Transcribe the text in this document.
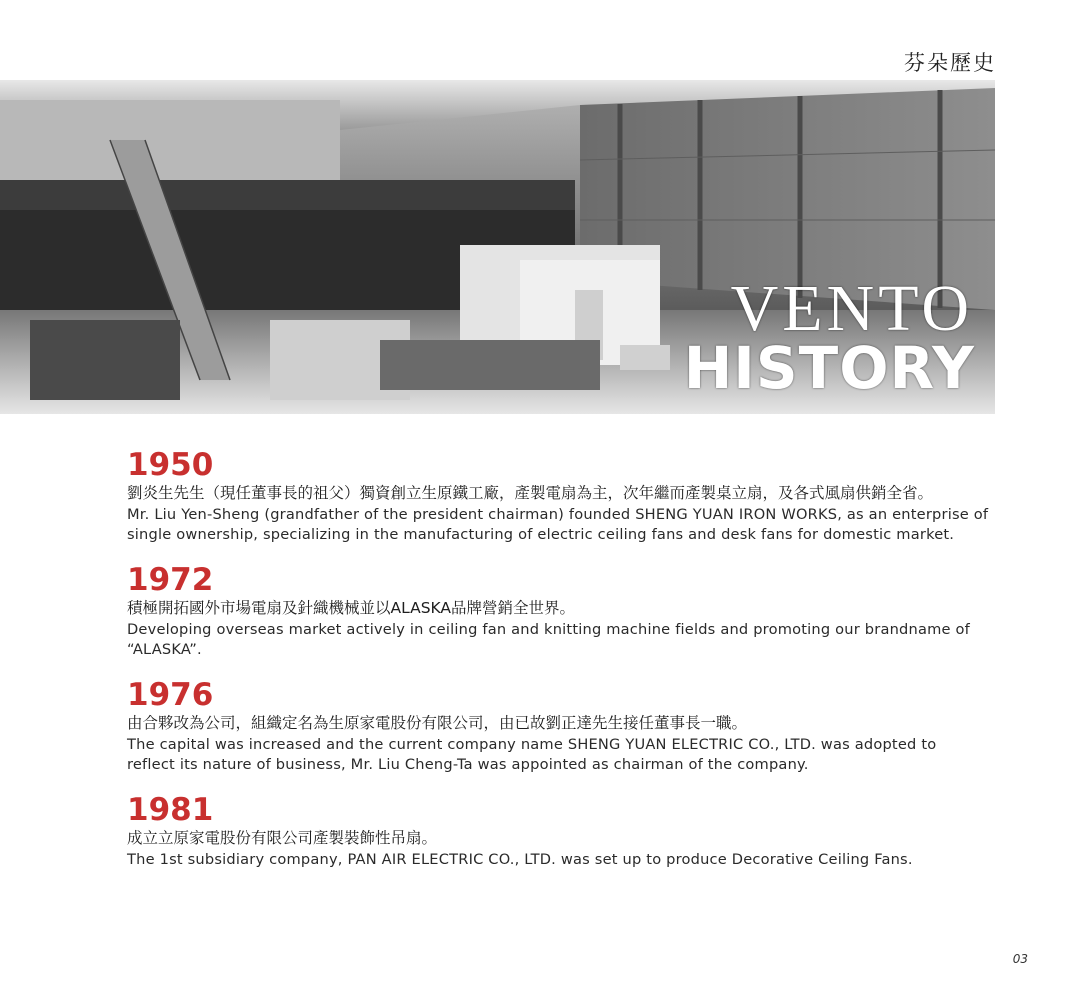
芬朵歷史
VENTO
HISTORY
1950
劉炎生先生（現任董事長的祖父）獨資創立生原鐵工廠，產製電扇為主，次年繼而產製桌立扇，及各式風扇供銷全省。
Mr. Liu Yen-Sheng (grandfather of the president chairman) founded SHENG YUAN IRON WORKS, as an enterprise of single ownership, specializing in the manufacturing of electric ceiling fans and desk fans for domestic market.
1972
積極開拓國外市場電扇及針織機械並以ALASKA品牌營銷全世界。
Developing overseas market actively in ceiling fan and knitting machine fields and promoting our brandname of “ALASKA”.
1976
由合夥改為公司，組織定名為生原家電股份有限公司，由已故劉正達先生接任董事長一職。
The capital was increased and the current company name SHENG YUAN ELECTRIC CO., LTD. was adopted to reflect its nature of business, Mr. Liu Cheng-Ta was appointed as chairman of the company.
1981
成立立原家電股份有限公司產製裝飾性吊扇。
The 1st subsidiary company, PAN AIR ELECTRIC CO., LTD. was set up to produce Decorative Ceiling Fans.
03
